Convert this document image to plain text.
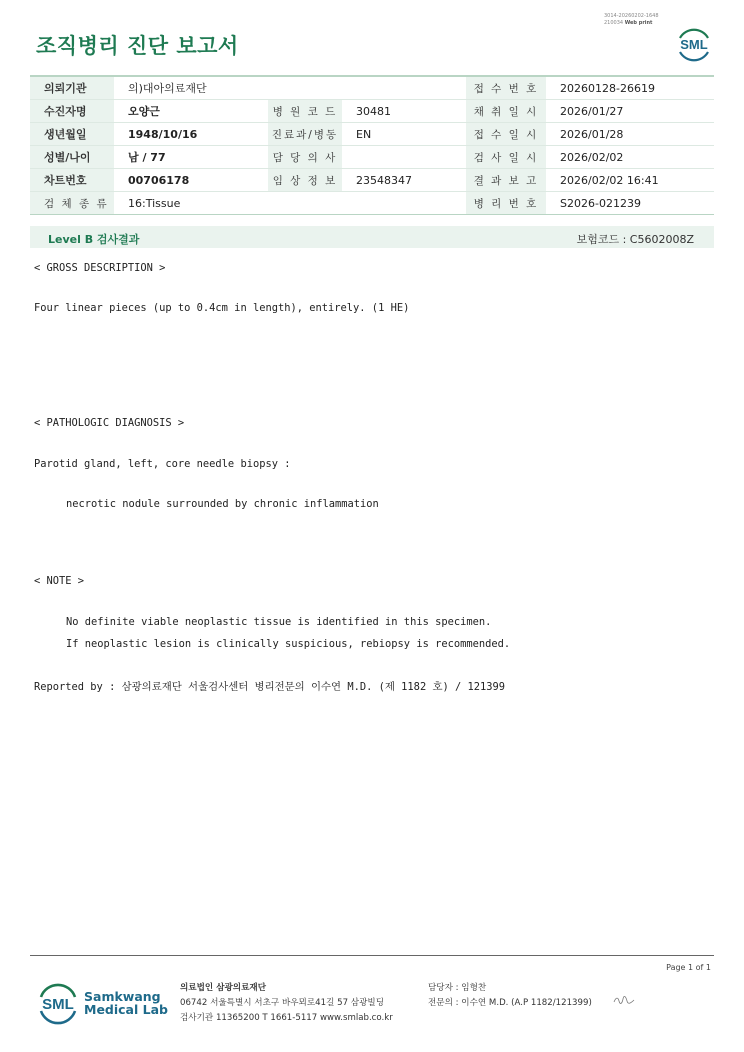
조직병리 진단 보고서
3014-20260202-1648
210034 Web print
SML
의뢰기관	의)대아의료재단			접 수 번 호	20260128-26619
수진자명	오양근	병 원 코 드	30481	채 취 일 시	2026/01/27
생년월일	1948/10/16	진료과/병동	EN	접 수 일 시	2026/01/28
성별/나이	남 / 77	담 당 의 사		검 사 일 시	2026/02/02
차트번호	00706178	임 상 정 보	23548347	결 과 보 고	2026/02/02 16:41
검 체 종 류	16:Tissue			병 리 번 호	S2026-021239
Level B 검사결과	보험코드 : C5602008Z
< GROSS DESCRIPTION >
Four linear pieces (up to 0.4cm in length), entirely. (1 HE)
< PATHOLOGIC DIAGNOSIS >
Parotid gland, left, core needle biopsy :
necrotic nodule surrounded by chronic inflammation
< NOTE >
No definite viable neoplastic tissue is identified in this specimen.
If neoplastic lesion is clinically suspicious, rebiopsy is recommended.
Reported by : 삼광의료재단 서울검사센터 병리전문의 이수연 M.D. (제 1182 호) / 121399
Page 1 of 1
SML Samkwang
Medical Lab
의료법인 삼광의료재단
06742 서울특별시 서초구 바우뫼로41길 57 삼광빌딩
검사기관 11365200 T 1661-5117 www.smlab.co.kr
담당자 : 임형찬
전문의 : 이수연 M.D. (A.P 1182/121399)
